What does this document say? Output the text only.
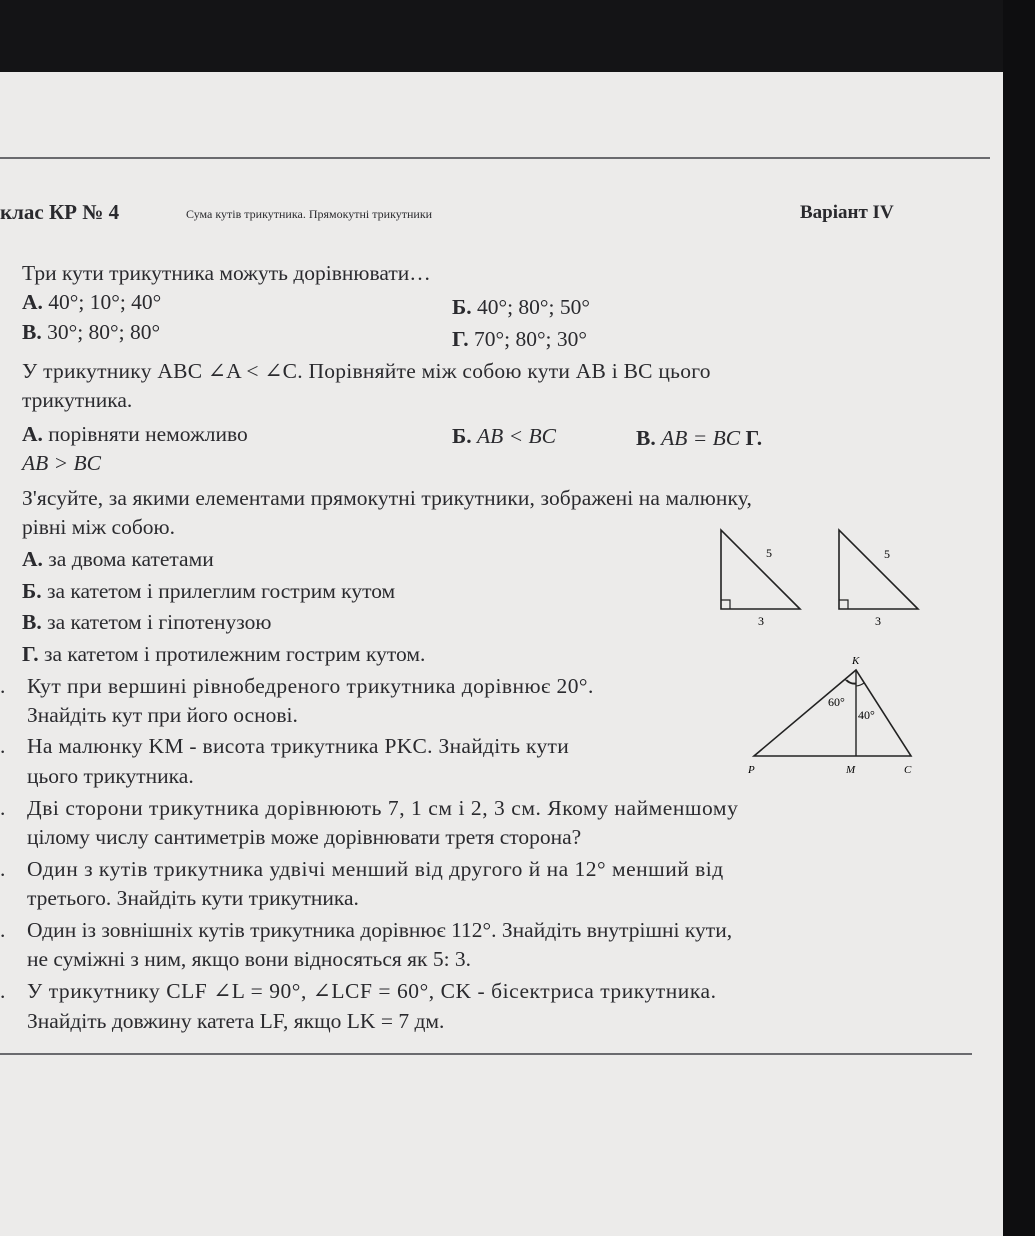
клас КР № 4	Сума кутів трикутника. Прямокутні трикутники	Варіант IV
Три кути трикутника можуть дорівнювати…
А. 40°; 10°; 40°	Б. 40°; 80°; 50°
В. 30°; 80°; 80°	Г. 70°; 80°; 30°
У трикутнику ABC ∠A < ∠C. Порівняйте між собою кути AB і BC цього
трикутника.
А. порівняти неможливо	Б. AB < BC	В. AB = BC Г.
AB > BC
З'ясуйте, за якими елементами прямокутні трикутники, зображені на малюнку,
рівні між собою.
А. за двома катетами
Б. за катетом і прилеглим гострим кутом
В. за катетом і гіпотенузою
Г. за катетом і протилежним гострим кутом.
5
3
5
3
. Кут при вершині рівнобедреного трикутника дорівнює 20°.
Знайдіть кут при його основі.
. На малюнку KM - висота трикутника PKC. Знайдіть кути
цього трикутника.
K
P	M	C
60°
40°
. Дві сторони трикутника дорівнюють 7, 1 см і 2, 3 см. Якому найменшому
цілому числу сантиметрів може дорівнювати третя сторона?
. Один з кутів трикутника удвічі менший від другого й на 12° менший від
третього. Знайдіть кути трикутника.
. Один із зовнішніх кутів трикутника дорівнює 112°. Знайдіть внутрішні кути,
не суміжні з ним, якщо вони відносяться як 5: 3.
. У трикутнику CLF ∠L = 90°, ∠LCF = 60°, CK - бісектриса трикутника.
Знайдіть довжину катета LF, якщо LK = 7 дм.
